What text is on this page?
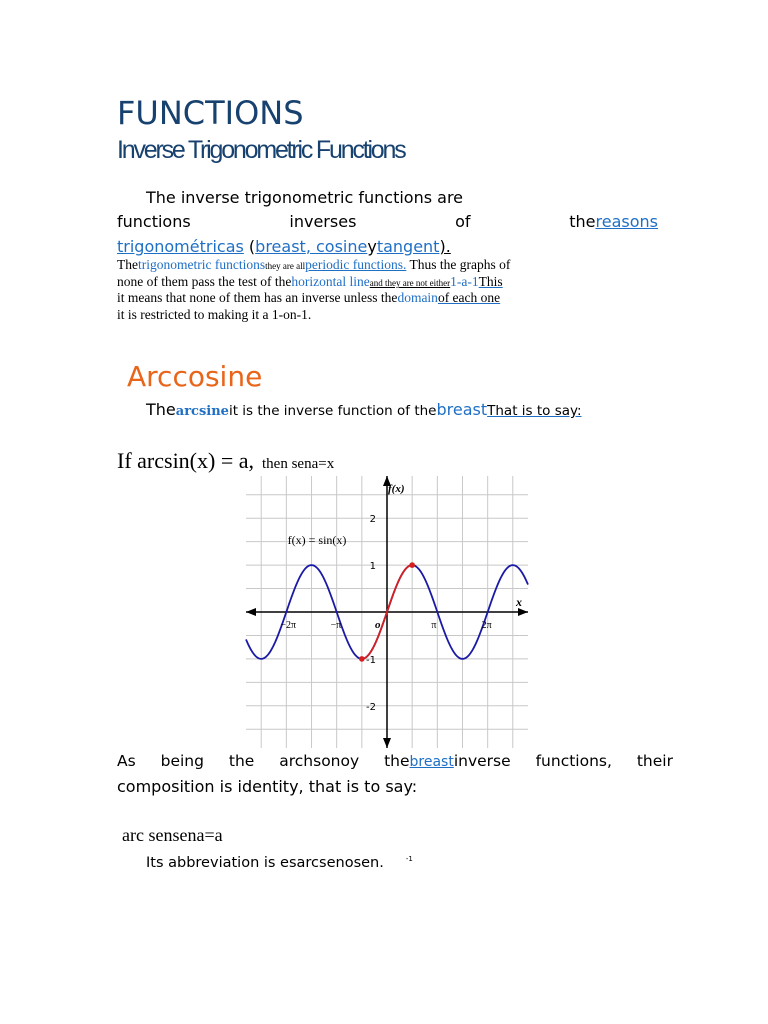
FUNCTIONS
Inverse Trigonometric Functions
The inverse trigonometric functions are
functions	inverses	of	thereasons
trigonométricas (breast, cosineytangent).
Thetrigonometric functionsthey are allperiodic functions. Thus the graphs of
none of them pass the test of thehorizontal lineand they are not either1-a-1This
it means that none of them has an inverse unless thedomainof each one
it is restricted to making it a 1-on-1.
Arccosine
Thearcsineit is the inverse function of thebreastThat is to say:
If arcsin(x) = a, then sena=x
−2π	−π	o	π	2π
2
1
-1
-2
x
f(x)
f(x) = sin(x)
As being the archsonoy thebreastinverse functions, their
composition is identity, that is to say:
arc sensena=a
Its abbreviation is esarcsenosen.	$^{-1}$
